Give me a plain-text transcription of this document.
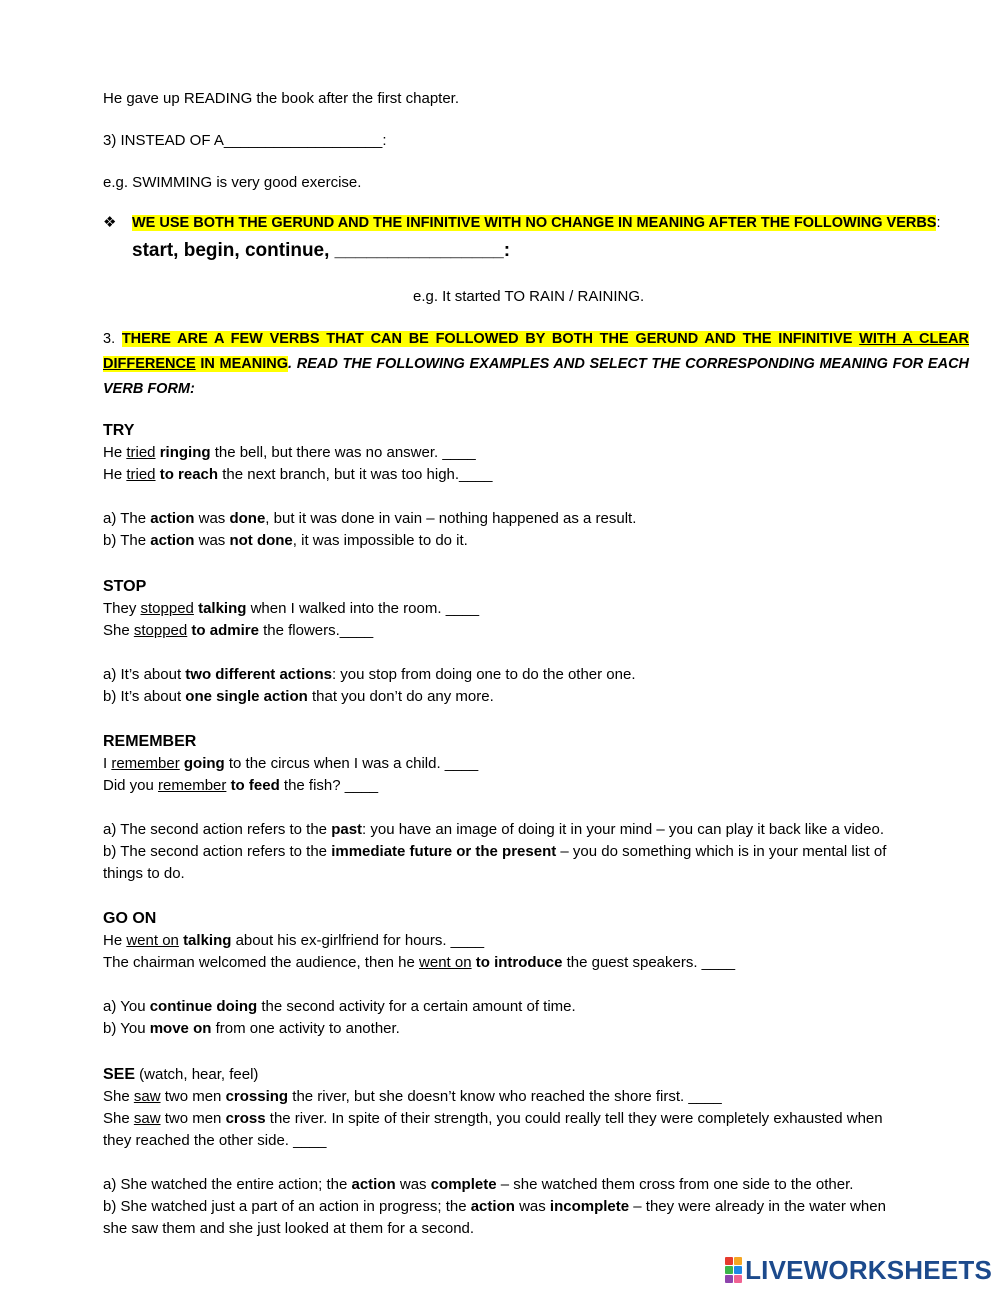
He gave up READING the book after the first chapter.
3) INSTEAD OF A___________________:
e.g. SWIMMING is very good exercise.
❖ WE USE BOTH THE GERUND AND THE INFINITIVE WITH NO CHANGE IN MEANING AFTER THE FOLLOWING VERBS:
start, begin, continue, ________________:
e.g. It started TO RAIN / RAINING.
3. THERE ARE A FEW VERBS THAT CAN BE FOLLOWED BY BOTH THE GERUND AND THE INFINITIVE WITH A CLEAR DIFFERENCE IN MEANING. READ THE FOLLOWING EXAMPLES AND SELECT THE CORRESPONDING MEANING FOR EACH VERB FORM:
TRY
He tried ringing the bell, but there was no answer. ____
He tried to reach the next branch, but it was too high.____
a) The action was done, but it was done in vain – nothing happened as a result.
b) The action was not done, it was impossible to do it.
STOP
They stopped talking when I walked into the room. ____
She stopped to admire the flowers.____
a) It’s about two different actions: you stop from doing one to do the other one.
b) It’s about one single action that you don’t do any more.
REMEMBER
I remember going to the circus when I was a child. ____
Did you remember to feed the fish? ____
a) The second action refers to the past: you have an image of doing it in your mind – you can play it back like a video.
b) The second action refers to the immediate future or the present – you do something which is in your mental list of
things to do.
GO ON
He went on talking about his ex-girlfriend for hours. ____
The chairman welcomed the audience, then he went on to introduce the guest speakers. ____
a) You continue doing the second activity for a certain amount of time.
b) You move on from one activity to another.
SEE (watch, hear, feel)
She saw two men crossing the river, but she doesn’t know who reached the shore first. ____
She saw two men cross the river. In spite of their strength, you could really tell they were completely exhausted when
they reached the other side. ____
a) She watched the entire action; the action was complete – she watched them cross from one side to the other.
b) She watched just a part of an action in progress; the action was incomplete – they were already in the water when
she saw them and she just looked at them for a second.
LIVEWORKSHEETS
